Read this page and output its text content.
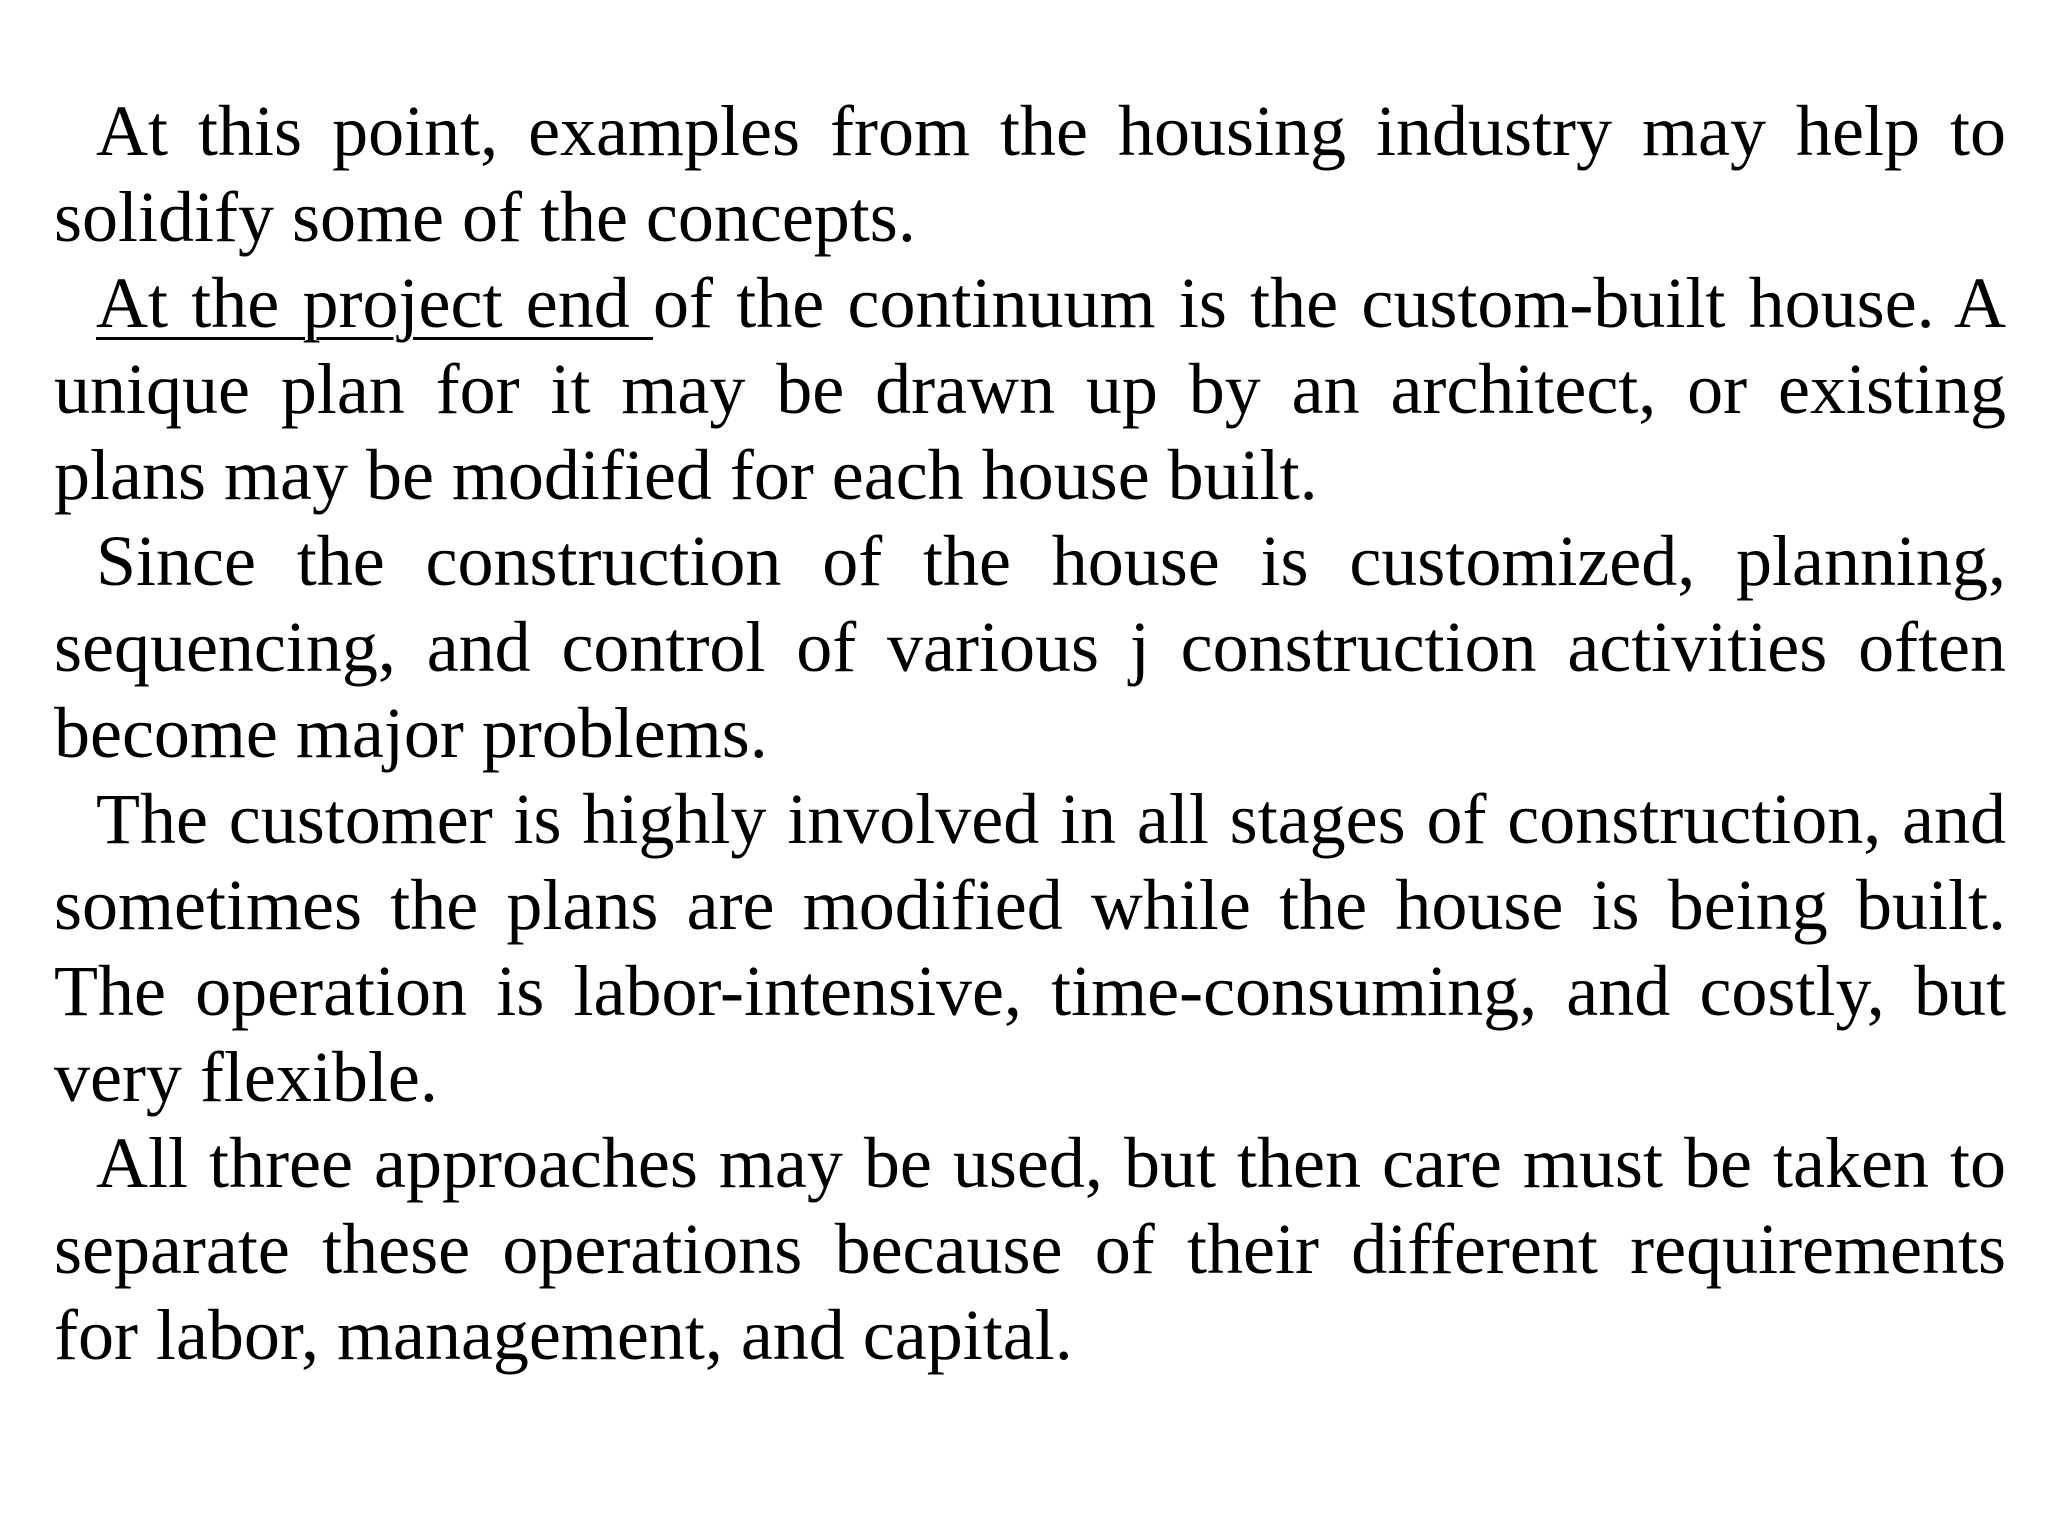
At this point, examples from the housing industry may help to solidify some of the concepts.

At the project end of the continuum is the custom-built house. A unique plan for it may be drawn up by an architect, or existing plans may be modified for each house built.

Since the construction of the house is customized, planning, sequencing, and control of various j construction activities often become major problems.

The customer is highly involved in all stages of construction, and sometimes the plans are modified while the house is being built. The operation is labor-intensive, time-consuming, and costly, but very flexible.

All three approaches may be used, but then care must be taken to separate these operations because of their different requirements for labor, management, and capital.
